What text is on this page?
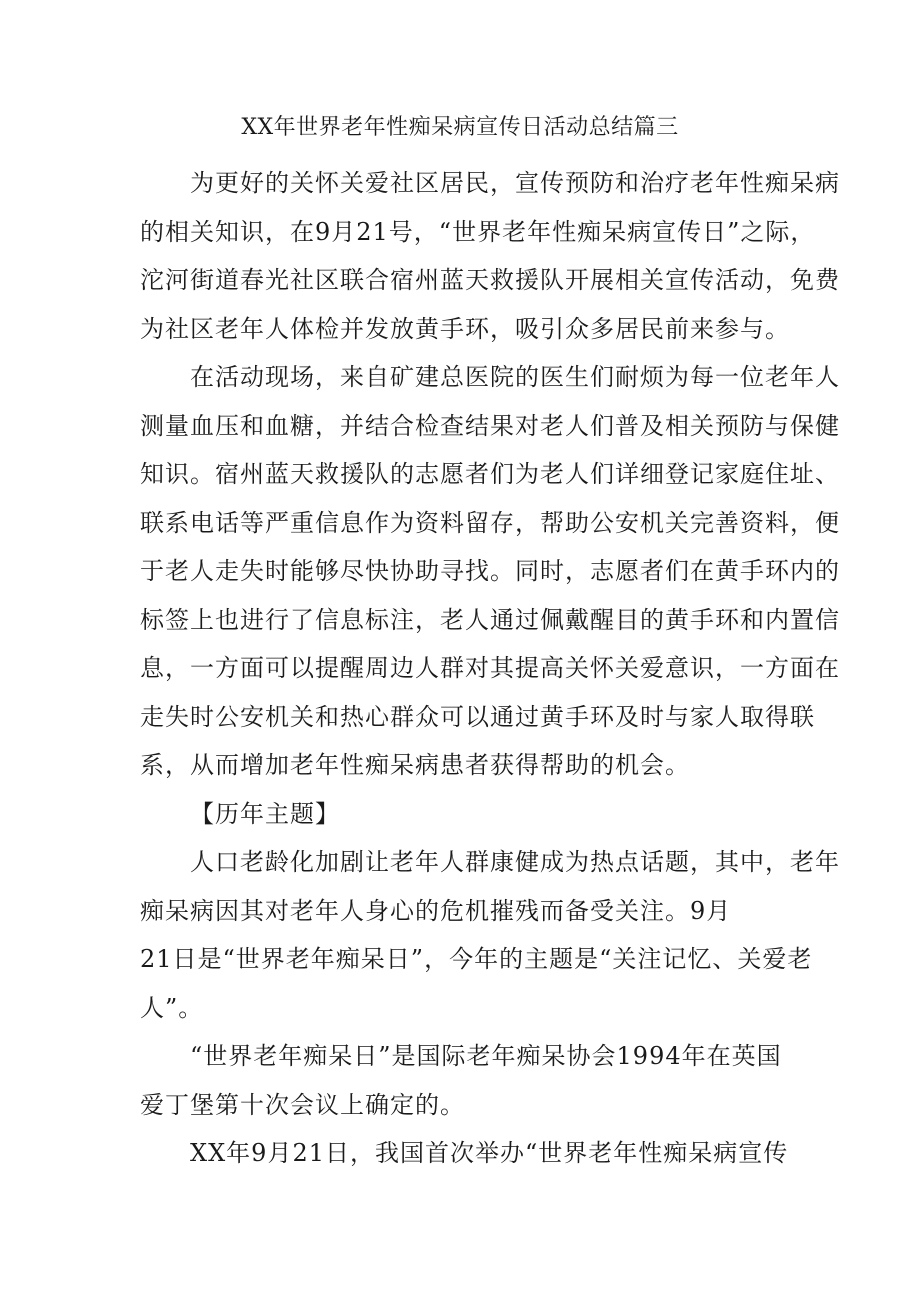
XX年世界老年性痴呆病宣传日活动总结篇三
为更好的关怀关爱社区居民，宣传预防和治疗老年性痴呆病
的相关知识，在9月21号，“世界老年性痴呆病宣传日”之际，
沱河街道春光社区联合宿州蓝天救援队开展相关宣传活动，免费
为社区老年人体检并发放黄手环，吸引众多居民前来参与。
在活动现场，来自矿建总医院的医生们耐烦为每一位老年人
测量血压和血糖，并结合检查结果对老人们普及相关预防与保健
知识。宿州蓝天救援队的志愿者们为老人们详细登记家庭住址、
联系电话等严重信息作为资料留存，帮助公安机关完善资料，便
于老人走失时能够尽快协助寻找。同时，志愿者们在黄手环内的
标签上也进行了信息标注，老人通过佩戴醒目的黄手环和内置信
息，一方面可以提醒周边人群对其提高关怀关爱意识，一方面在
走失时公安机关和热心群众可以通过黄手环及时与家人取得联
系，从而增加老年性痴呆病患者获得帮助的机会。
【历年主题】
人口老龄化加剧让老年人群康健成为热点话题，其中，老年
痴呆病因其对老年人身心的危机摧残而备受关注。9月
21日是“世界老年痴呆日”，今年的主题是“关注记忆、关爱老
人”。
“世界老年痴呆日”是国际老年痴呆协会1994年在英国
爱丁堡第十次会议上确定的。
XX年9月21日，我国首次举办“世界老年性痴呆病宣传
